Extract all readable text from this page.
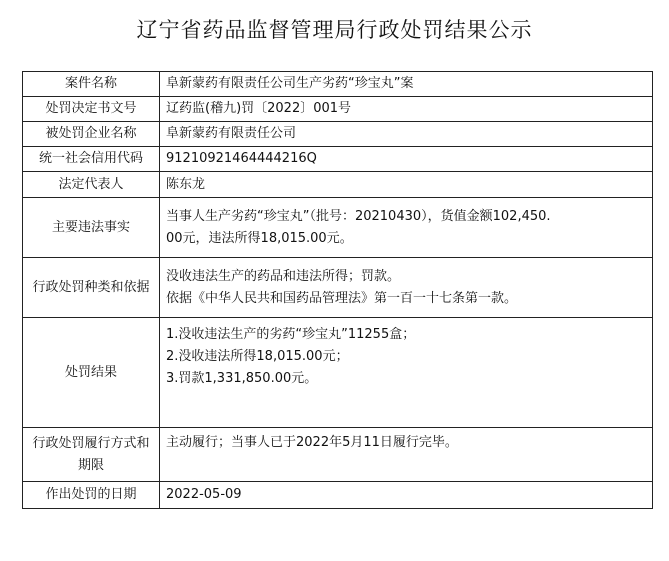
辽宁省药品监督管理局行政处罚结果公示
案件名称	阜新蒙药有限责任公司生产劣药“珍宝丸”案

处罚决定书文号	辽药监(稽九)罚〔2022〕001号

被处罚企业名称	阜新蒙药有限责任公司

统一社会信用代码	91210921464444216Q

法定代表人	陈东龙

主要违法事实	当事人生产劣药“珍宝丸”（批号：20210430），货值金额102,450.
00元，违法所得18,015.00元。

行政处罚种类和依据	没收违法生产的药品和违法所得；罚款。
依据《中华人民共和国药品管理法》第一百一十七条第一款。

处罚结果	1.没收违法生产的劣药“珍宝丸”11255盒；
2.没收违法所得18,015.00元；
3.罚款1,331,850.00元。

行政处罚履行方式和期限	主动履行；当事人已于2022年5月11日履行完毕。

作出处罚的日期	2022-05-09
